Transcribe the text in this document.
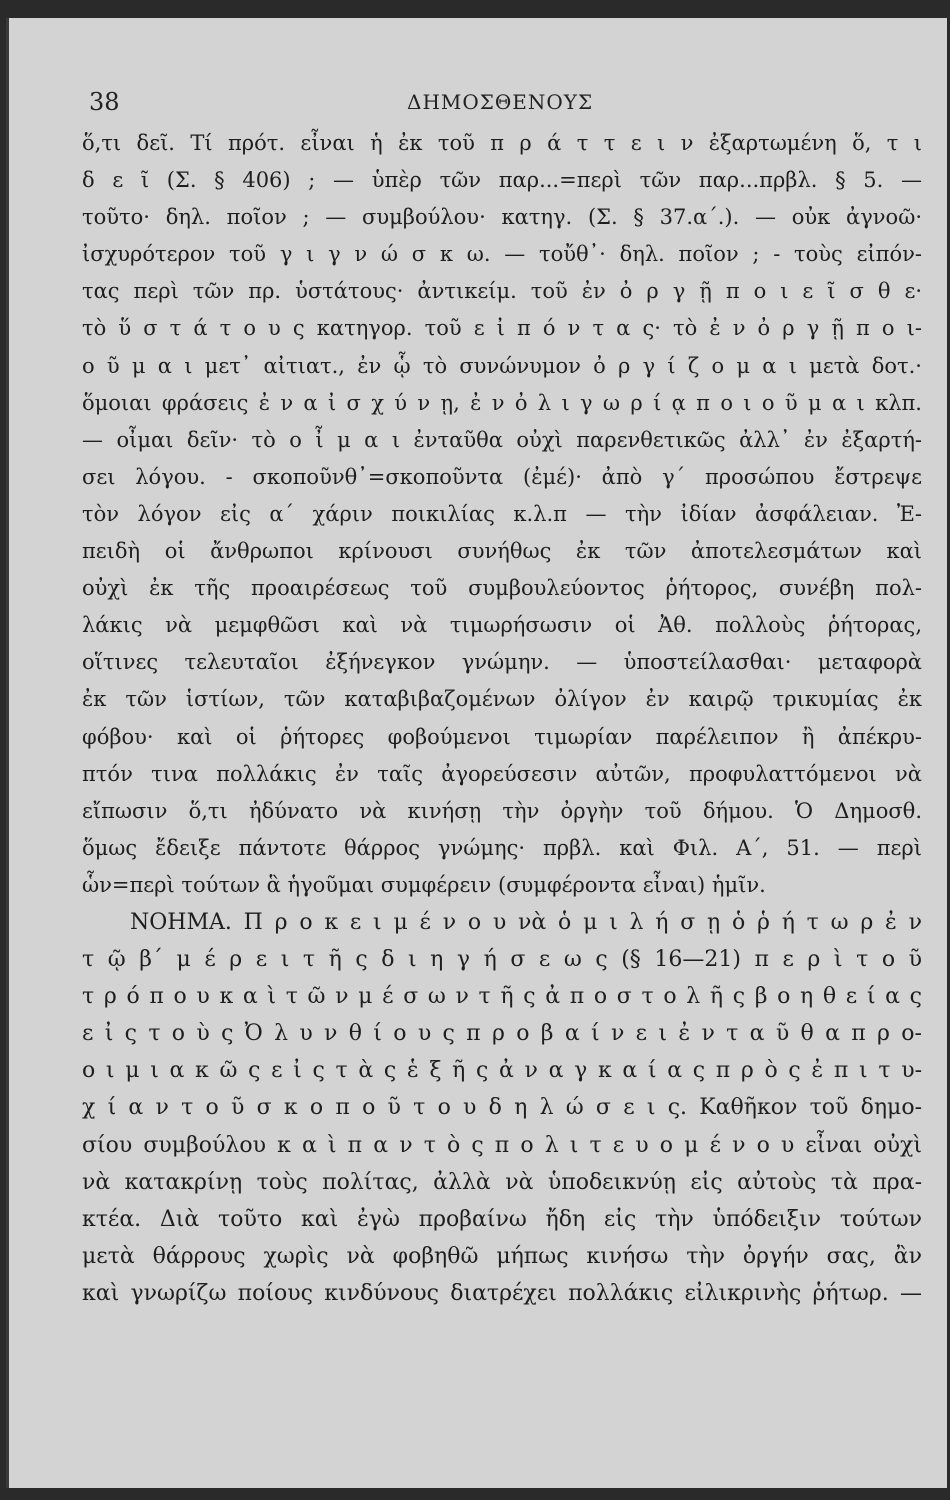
38	ΔΗΜΟΣΘΕΝΟΥΣ
ὅ,τι δεῖ. Τί πρότ. εἶναι ἡ ἐκ τοῦ π ρ ά τ τ ε ι ν ἐξαρτωμένη ὅ, τ ι
δ ε ῖ (Σ. § 406) ; — ὑπὲρ τῶν παρ...=περὶ τῶν παρ...πρβλ. § 5. —
τοῦτο· δηλ. ποῖον ; — συμβούλου· κατηγ. (Σ. § 37.α΄.). — οὐκ ἀγνοῶ·
ἰσχυρότερον τοῦ γ ι γ ν ώ σ κ ω. — τοὔθ᾽· δηλ. ποῖον ; - τοὺς εἰπόν-
τας περὶ τῶν πρ. ὑστάτους· ἀντικείμ. τοῦ ἐν ὀ ρ γ ῇ π ο ι ε ῖ σ θ ε·
τὸ ὕ σ τ ά τ ο υ ς κατηγορ. τοῦ ε ἰ π ό ν τ α ς· τὸ ἐ ν ὀ ρ γ ῇ π ο ι-
ο ῦ μ α ι μετ᾽ αἰτιατ., ἐν ᾧ τὸ συνώνυμον ὀ ρ γ ί ζ ο μ α ι μετὰ δοτ.·
ὅμοιαι φράσεις ἐ ν α ἰ σ χ ύ ν ῃ, ἐ ν ὀ λ ι γ ω ρ ί ᾳ π ο ι ο ῦ μ α ι κλπ.
— οἶμαι δεῖν· τὸ ο ἶ μ α ι ἐνταῦθα οὐχὶ παρενθετικῶς ἀλλ᾽ ἐν ἐξαρτή-
σει λόγου. - σκοποῦνθ᾽=σκοποῦντα (ἐμέ)· ἀπὸ γ΄ προσώπου ἔστρεψε
τὸν λόγον εἰς α΄ χάριν ποικιλίας κ.λ.π — τὴν ἰδίαν ἀσφάλειαν. Ἐ-
πειδὴ οἱ ἄνθρωποι κρίνουσι συνήθως ἐκ τῶν ἀποτελεσμάτων καὶ
οὐχὶ ἐκ τῆς προαιρέσεως τοῦ συμβουλεύοντος ῥήτορος, συνέβη πολ-
λάκις νὰ μεμφθῶσι καὶ νὰ τιμωρήσωσιν οἱ Ἀθ. πολλοὺς ῥήτορας,
οἵτινες τελευταῖοι ἐξήνεγκον γνώμην. — ὑποστείλασθαι· μεταφορὰ
ἐκ τῶν ἱστίων, τῶν καταβιβαζομένων ὀλίγον ἐν καιρῷ τρικυμίας ἐκ
φόβου· καὶ οἱ ῥήτορες φοβούμενοι τιμωρίαν παρέλειπον ἢ ἀπέκρυ-
πτόν τινα πολλάκις ἐν ταῖς ἀγορεύσεσιν αὐτῶν, προφυλαττόμενοι νὰ
εἴπωσιν ὅ,τι ἠδύνατο νὰ κινήσῃ τὴν ὀργὴν τοῦ δήμου. Ὁ Δημοσθ.
ὅμως ἔδειξε πάντοτε θάρρος γνώμης· πρβλ. καὶ Φιλ. Α΄, 51. — περὶ
ὧν=περὶ τούτων ἃ ἡγοῦμαι συμφέρειν (συμφέροντα εἶναι) ἡμῖν.
ΝΟΗΜΑ. Π ρ ο κ ε ι μ έ ν ο υ νὰ ὁ μ ι λ ή σ ῃ ὁ ῥ ή τ ω ρ ἐ ν
τ ῷ β΄ μ έ ρ ε ι τ ῆ ς δ ι η γ ή σ ε ω ς (§ 16—21) π ε ρ ὶ τ ο ῦ
τ ρ ό π ο υ κ α ὶ τ ῶ ν μ έ σ ω ν τ ῆ ς ἀ π ο σ τ ο λ ῆ ς β ο η θ ε ί α ς
ε ἰ ς τ ο ὺ ς Ὀ λ υ ν θ ί ο υ ς π ρ ο β α ί ν ε ι ἐ ν τ α ῦ θ α π ρ ο-
ο ι μ ι α κ ῶ ς ε ἰ ς τ ὰ ς ἑ ξ ῆ ς ἀ ν α γ κ α ί α ς π ρ ὸ ς ἐ π ι τ υ-
χ ί α ν τ ο ῦ σ κ ο π ο ῦ τ ο υ δ η λ ώ σ ε ι ς. Καθῆκον τοῦ δημο-
σίου συμβούλου κ α ὶ π α ν τ ὸ ς π ο λ ι τ ε υ ο μ έ ν ο υ εἶναι οὐχὶ
νὰ κατακρίνῃ τοὺς πολίτας, ἀλλὰ νὰ ὑποδεικνύῃ εἰς αὐτοὺς τὰ πρα-
κτέα. Διὰ τοῦτο καὶ ἐγὼ προβαίνω ἤδη εἰς τὴν ὑπόδειξιν τούτων
μετὰ θάρρους χωρὶς νὰ φοβηθῶ μήπως κινήσω τὴν ὀργήν σας, ἂν
καὶ γνωρίζω ποίους κινδύνους διατρέχει πολλάκις εἰλικρινὴς ῥήτωρ. —
